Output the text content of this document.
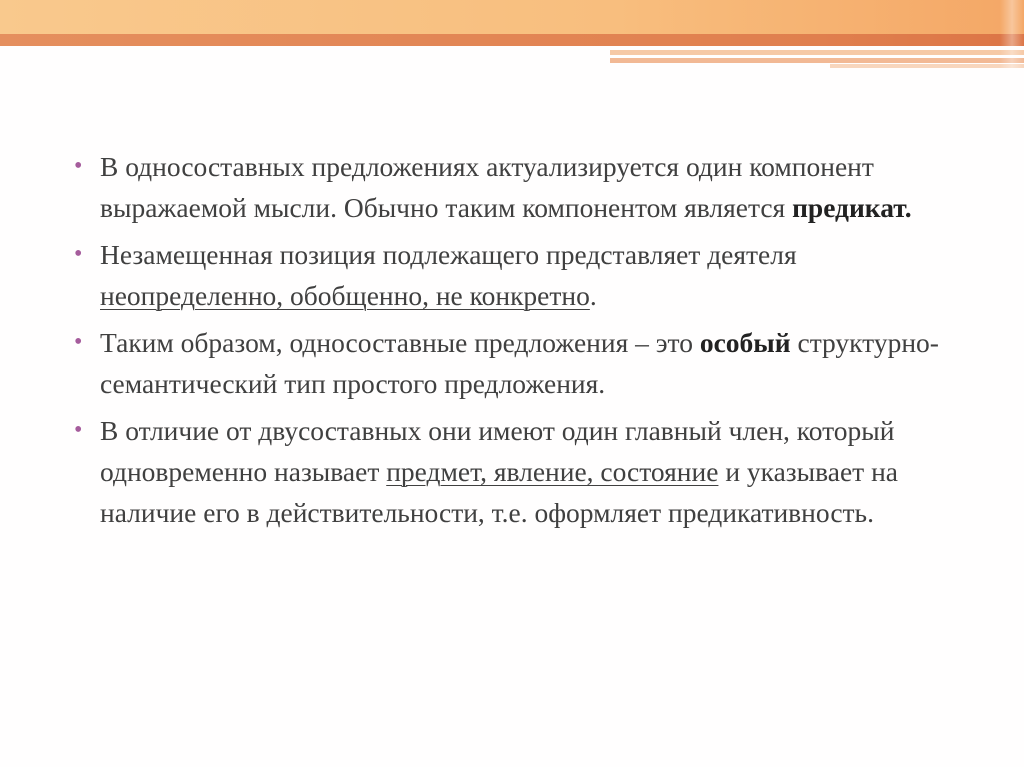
• В односоставных предложениях актуализируется один компонент выражаемой мысли. Обычно таким компонентом является предикат.
• Незамещенная позиция подлежащего представляет деятеля неопределенно, обобщенно, не конкретно.
• Таким образом, односоставные предложения – это особый структурно-семантический тип простого предложения.
• В отличие от двусоставных они имеют один главный член, который одновременно называет предмет, явление, состояние и указывает на наличие его в действительности, т.е. оформляет предикативность.
